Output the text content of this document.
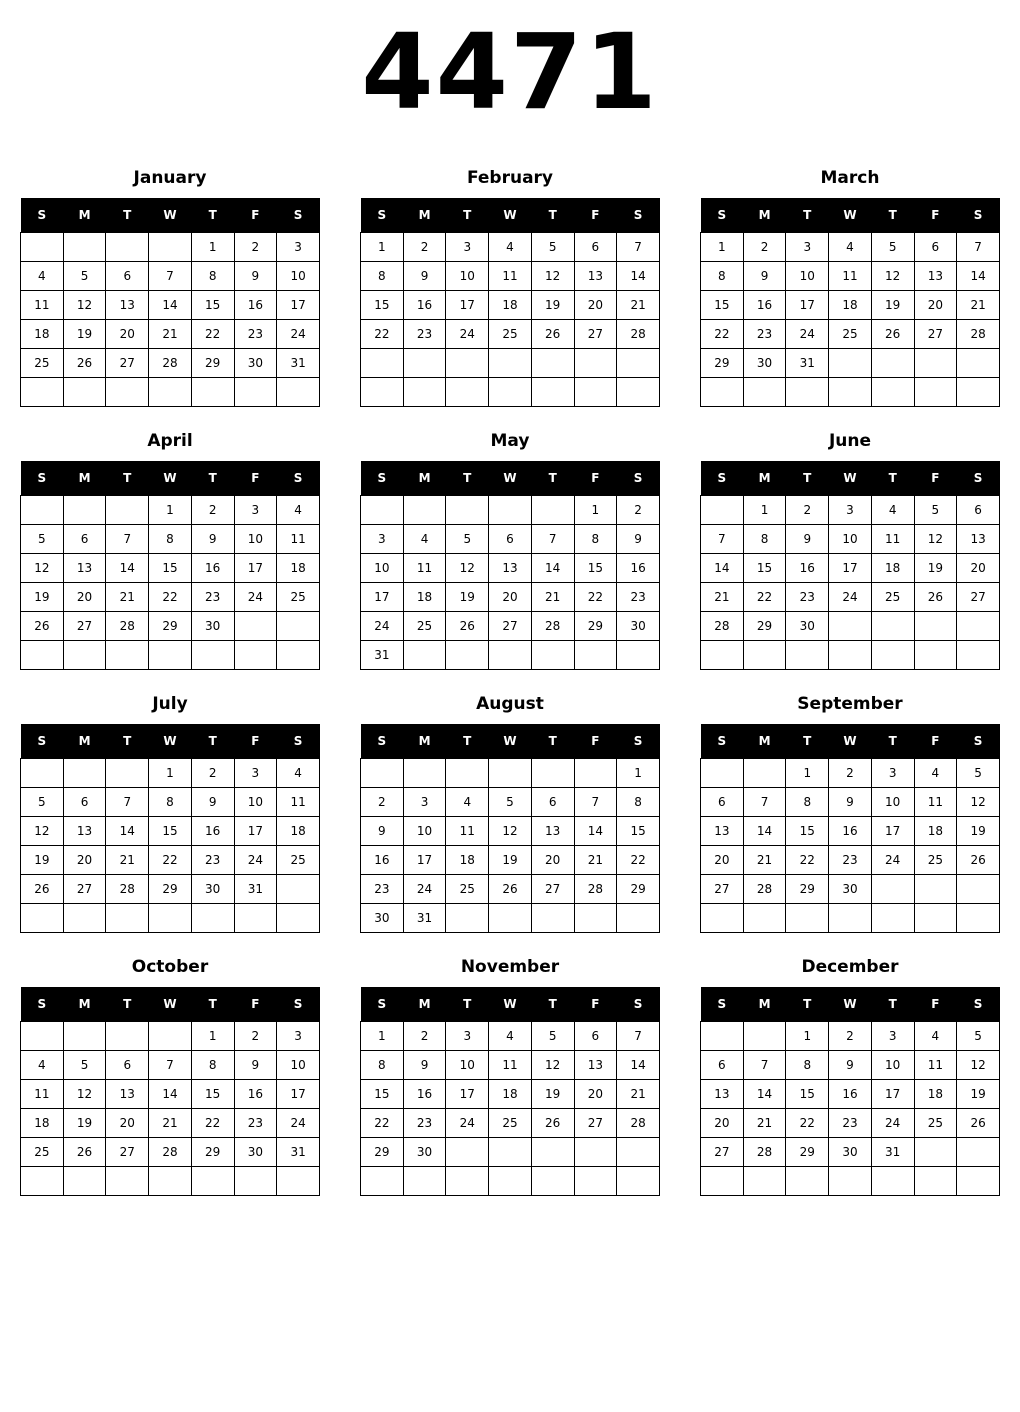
4471
January
S	M	T	W	T	F	S
				1	2	3
4	5	6	7	8	9	10
11	12	13	14	15	16	17
18	19	20	21	22	23	24
25	26	27	28	29	30	31

February
S	M	T	W	T	F	S
1	2	3	4	5	6	7
8	9	10	11	12	13	14
15	16	17	18	19	20	21
22	23	24	25	26	27	28

March
S	M	T	W	T	F	S
1	2	3	4	5	6	7
8	9	10	11	12	13	14
15	16	17	18	19	20	21
22	23	24	25	26	27	28
29	30	31				

April
S	M	T	W	T	F	S
			1	2	3	4
5	6	7	8	9	10	11
12	13	14	15	16	17	18
19	20	21	22	23	24	25
26	27	28	29	30		

May
S	M	T	W	T	F	S
					1	2
3	4	5	6	7	8	9
10	11	12	13	14	15	16
17	18	19	20	21	22	23
24	25	26	27	28	29	30
31						
June
S	M	T	W	T	F	S
	1	2	3	4	5	6
7	8	9	10	11	12	13
14	15	16	17	18	19	20
21	22	23	24	25	26	27
28	29	30				

July
S	M	T	W	T	F	S
			1	2	3	4
5	6	7	8	9	10	11
12	13	14	15	16	17	18
19	20	21	22	23	24	25
26	27	28	29	30	31	

August
S	M	T	W	T	F	S
						1
2	3	4	5	6	7	8
9	10	11	12	13	14	15
16	17	18	19	20	21	22
23	24	25	26	27	28	29
30	31					
September
S	M	T	W	T	F	S
		1	2	3	4	5
6	7	8	9	10	11	12
13	14	15	16	17	18	19
20	21	22	23	24	25	26
27	28	29	30			

October
S	M	T	W	T	F	S
				1	2	3
4	5	6	7	8	9	10
11	12	13	14	15	16	17
18	19	20	21	22	23	24
25	26	27	28	29	30	31

November
S	M	T	W	T	F	S
1	2	3	4	5	6	7
8	9	10	11	12	13	14
15	16	17	18	19	20	21
22	23	24	25	26	27	28
29	30					

December
S	M	T	W	T	F	S
		1	2	3	4	5
6	7	8	9	10	11	12
13	14	15	16	17	18	19
20	21	22	23	24	25	26
27	28	29	30	31		
